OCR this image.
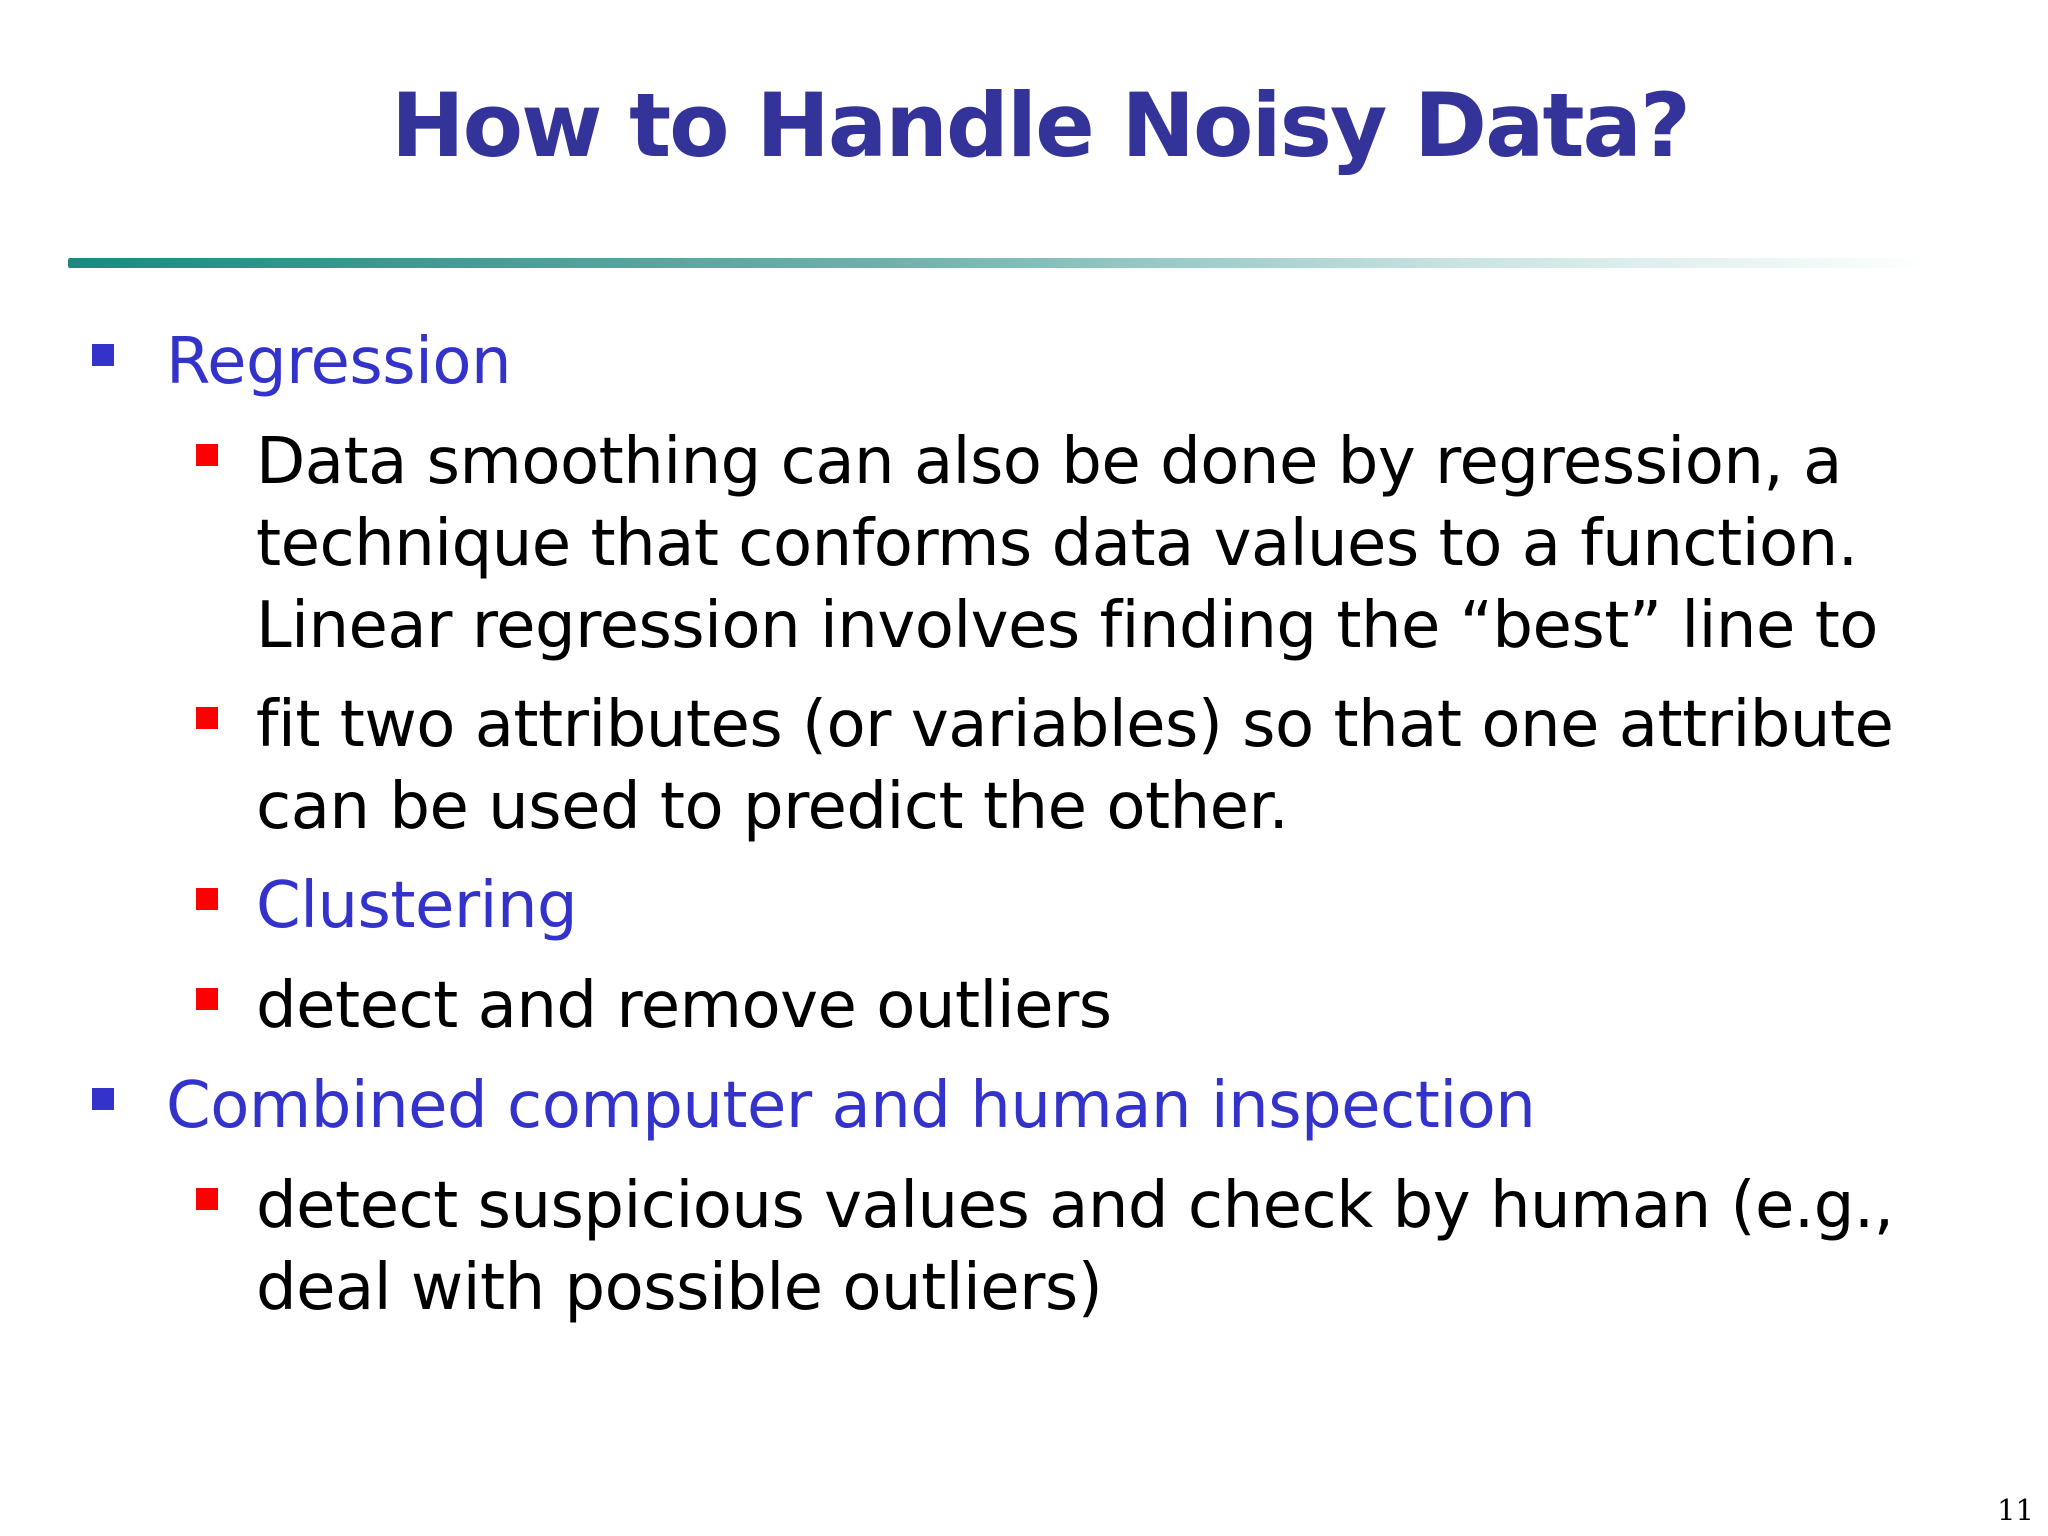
How to Handle Noisy Data?
Regression
Data smoothing can also be done by regression, a
technique that conforms data values to a function.
Linear regression involves finding the “best” line to
fit two attributes (or variables) so that one attribute
can be used to predict the other.
Clustering
detect and remove outliers
Combined computer and human inspection
detect suspicious values and check by human (e.g.,
deal with possible outliers)
11
